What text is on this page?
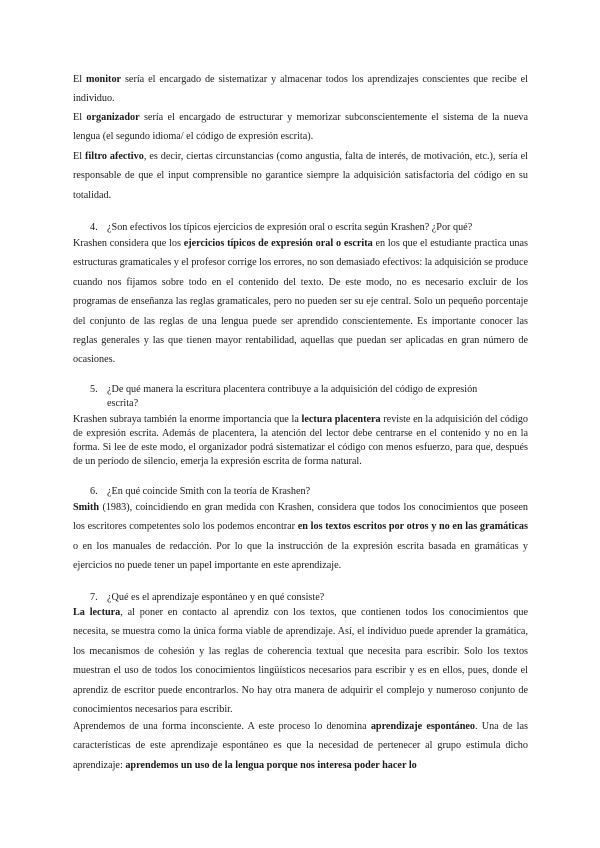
El monitor sería el encargado de sistematizar y almacenar todos los aprendizajes conscientes que recibe el individuo.

El organizador sería el encargado de estructurar y memorizar subconscientemente el sistema de la nueva lengua (el segundo idioma/ el código de expresión escrita).

El filtro afectivo, es decir, ciertas circunstancias (como angustia, falta de interés, de motivación, etc.), sería el responsable de que el input comprensible no garantice siempre la adquisición satisfactoria del código en su totalidad.

4. ¿Son efectivos los típicos ejercicios de expresión oral o escrita según Krashen? ¿Por qué?

Krashen considera que los ejercicios típicos de expresión oral o escrita en los que el estudiante practica unas estructuras gramaticales y el profesor corrige los errores, no son demasiado efectivos: la adquisición se produce cuando nos fijamos sobre todo en el contenido del texto. De este modo, no es necesario excluir de los programas de enseñanza las reglas gramaticales, pero no pueden ser su eje central. Solo un pequeño porcentaje del conjunto de las reglas de una lengua puede ser aprendido conscientemente. Es importante conocer las reglas generales y las que tienen mayor rentabilidad, aquellas que puedan ser aplicadas en gran número de ocasiones.

5. ¿De qué manera la escritura placentera contribuye a la adquisición del código de expresión escrita?

Krashen subraya también la enorme importancia que la lectura placentera reviste en la adquisición del código de expresión escrita. Además de placentera, la atención del lector debe centrarse en el contenido y no en la forma. Si lee de este modo, el organizador podrá sistematizar el código con menos esfuerzo, para que, después de un período de silencio, emerja la expresión escrita de forma natural.

6. ¿En qué coincide Smith con la teoría de Krashen?

Smith (1983), coincidiendo en gran medida con Krashen, considera que todos los conocimientos que poseen los escritores competentes solo los podemos encontrar en los textos escritos por otros y no en las gramáticas o en los manuales de redacción. Por lo que la instrucción de la expresión escrita basada en gramáticas y ejercicios no puede tener un papel importante en este aprendizaje.

7. ¿Qué es el aprendizaje espontáneo y en qué consiste?

La lectura, al poner en contacto al aprendiz con los textos, que contienen todos los conocimientos que necesita, se muestra como la única forma viable de aprendizaje. Así, el individuo puede aprender la gramática, los mecanismos de cohesión y las reglas de coherencia textual que necesita para escribir. Solo los textos muestran el uso de todos los conocimientos lingüísticos necesarios para escribir y es en ellos, pues, donde el aprendiz de escritor puede encontrarlos. No hay otra manera de adquirir el complejo y numeroso conjunto de conocimientos necesarios para escribir.

Aprendemos de una forma inconsciente. A este proceso lo denomina aprendizaje espontáneo. Una de las características de este aprendizaje espontáneo es que la necesidad de pertenecer al grupo estimula dicho aprendizaje: aprendemos un uso de la lengua porque nos interesa poder hacer lo
